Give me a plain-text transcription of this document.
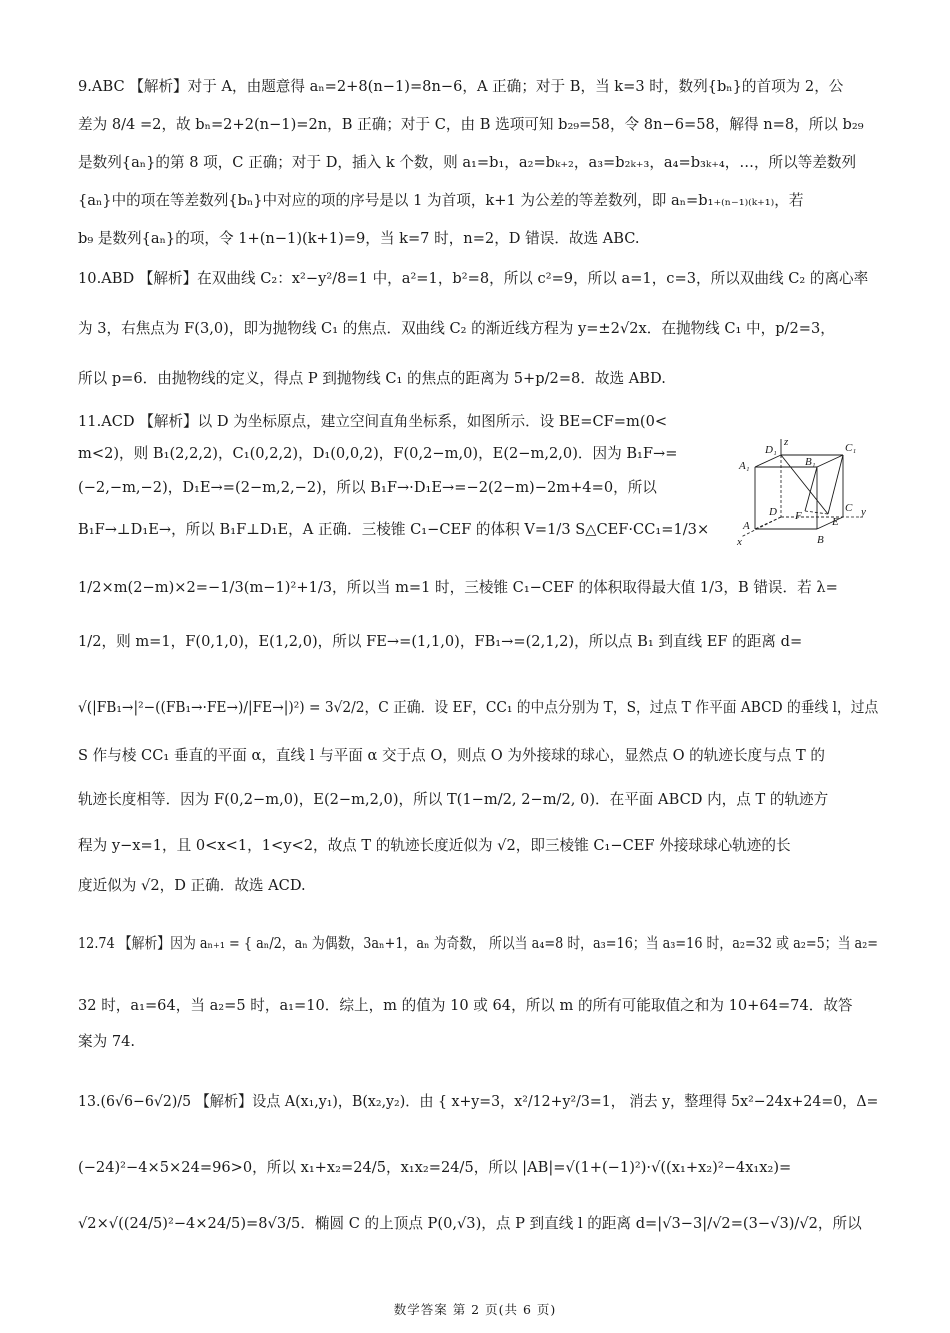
9.ABC 【解析】对于 A，由题意得 aₙ=2+8(n−1)=8n−6，A 正确；对于 B，当 k=3 时，数列{bₙ}的首项为 2，公
差为 8/4 =2，故 bₙ=2+2(n−1)=2n，B 正确；对于 C，由 B 选项可知 b₂₉=58，令 8n−6=58，解得 n=8，所以 b₂₉
是数列{aₙ}的第 8 项，C 正确；对于 D，插入 k 个数，则 a₁=b₁，a₂=bₖ₊₂，a₃=b₂ₖ₊₃，a₄=b₃ₖ₊₄，…，所以等差数列
{aₙ}中的项在等差数列{bₙ}中对应的项的序号是以 1 为首项，k+1 为公差的等差数列，即 aₙ=b₁₊₍ₙ₋₁₎₍ₖ₊₁₎，若
b₉ 是数列{aₙ}的项，令 1+(n−1)(k+1)=9，当 k=7 时，n=2，D 错误．故选 ABC.
10.ABD 【解析】在双曲线 C₂：x²−y²/8=1 中，a²=1，b²=8，所以 c²=9，所以 a=1，c=3，所以双曲线 C₂ 的离心率
为 3，右焦点为 F(3,0)，即为抛物线 C₁ 的焦点．双曲线 C₂ 的渐近线方程为 y=±2√2x．在抛物线 C₁ 中，p/2=3，
所以 p=6．由抛物线的定义，得点 P 到抛物线 C₁ 的焦点的距离为 5+p/2=8．故选 ABD.
11.ACD 【解析】以 D 为坐标原点，建立空间直角坐标系，如图所示．设 BE=CF=m(0<
m<2)，则 B₁(2,2,2)，C₁(0,2,2)，D₁(0,0,2)，F(0,2−m,0)，E(2−m,2,0)．因为 B₁F→=
(−2,−m,−2)，D₁E→=(2−m,2,−2)，所以 B₁F→·D₁E→=−2(2−m)−2m+4=0，所以
B₁F→⊥D₁E→，所以 B₁F⊥D₁E，A 正确．三棱锥 C₁−CEF 的体积 V=1/3 S△CEF·CC₁=1/3×
1/2×m(2−m)×2=−1/3(m−1)²+1/3，所以当 m=1 时，三棱锥 C₁−CEF 的体积取得最大值 1/3，B 错误．若 λ=
1/2，则 m=1，F(0,1,0)，E(1,2,0)，所以 FE→=(1,1,0)，FB₁→=(2,1,2)，所以点 B₁ 到直线 EF 的距离 d=
√(|FB₁→|²−((FB₁→·FE→)/|FE→|)²) = 3√2/2，C 正确．设 EF，CC₁ 的中点分别为 T，S，过点 T 作平面 ABCD 的垂线 l，过点
S 作与棱 CC₁ 垂直的平面 α，直线 l 与平面 α 交于点 O，则点 O 为外接球的球心，显然点 O 的轨迹长度与点 T 的
轨迹长度相等．因为 F(0,2−m,0)，E(2−m,2,0)，所以 T(1−m/2, 2−m/2, 0)．在平面 ABCD 内，点 T 的轨迹方
程为 y−x=1，且 0<x<1，1<y<2，故点 T 的轨迹长度近似为 √2，即三棱锥 C₁−CEF 外接球球心轨迹的长
度近似为 √2，D 正确．故选 ACD.
z
D₁	C₁
A₁	B₁
D	C
F	E
A
B
x
y
12.74 【解析】因为 aₙ₊₁ = { aₙ/2，aₙ 为偶数，3aₙ+1，aₙ 为奇数， 所以当 a₄=8 时，a₃=16；当 a₃=16 时，a₂=32 或 a₂=5；当 a₂=
32 时，a₁=64，当 a₂=5 时，a₁=10．综上，m 的值为 10 或 64，所以 m 的所有可能取值之和为 10+64=74．故答
案为 74.
13.(6√6−6√2)/5 【解析】设点 A(x₁,y₁)，B(x₂,y₂)．由 { x+y=3，x²/12+y²/3=1， 消去 y，整理得 5x²−24x+24=0，Δ=
(−24)²−4×5×24=96>0，所以 x₁+x₂=24/5，x₁x₂=24/5，所以 |AB|=√(1+(−1)²)·√((x₁+x₂)²−4x₁x₂)=
√2×√((24/5)²−4×24/5)=8√3/5．椭圆 C 的上顶点 P(0,√3)，点 P 到直线 l 的距离 d=|√3−3|/√2=(3−√3)/√2，所以
数学答案 第 2 页(共 6 页)
